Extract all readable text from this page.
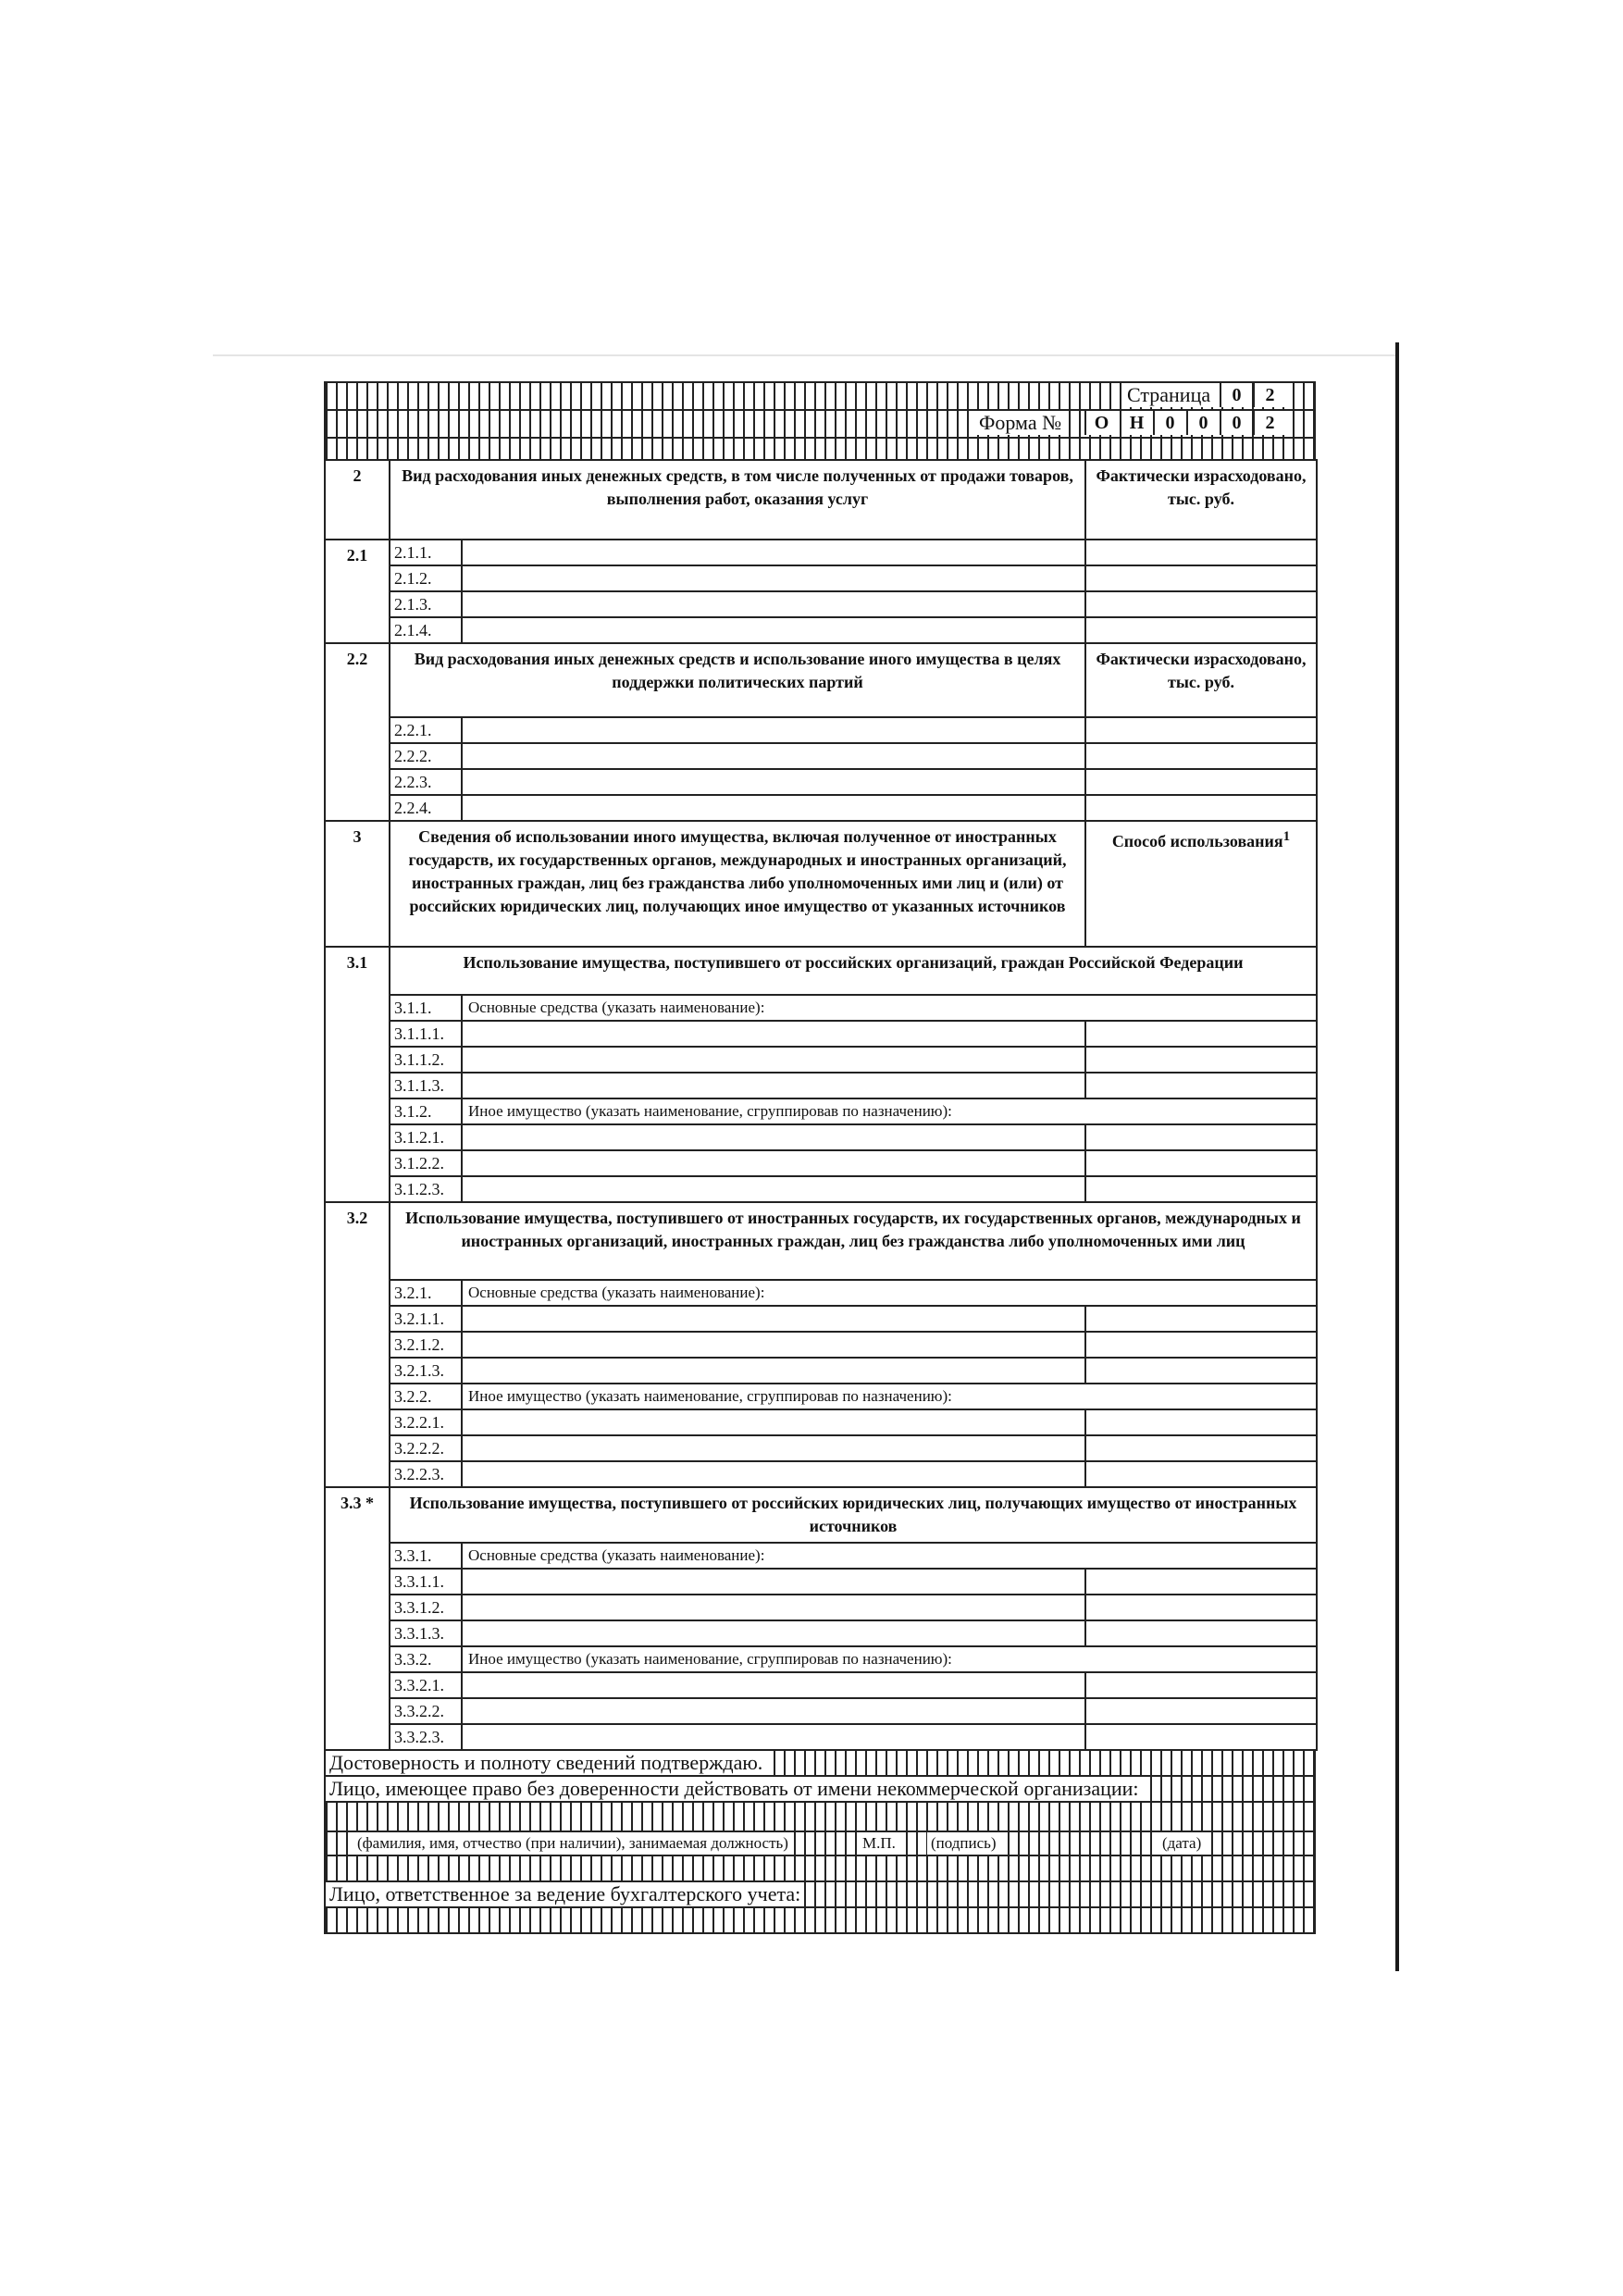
Страница	0	2
Форма №	О	Н	0	0	0	2
2	Вид расходования иных денежных средств, в том числе полученных от продажи товаров, выполнения работ, оказания услуг	Фактически израсходовано, тыс. руб.
2.1	2.1.1.	
	2.1.2.	
	2.1.3.	
	2.1.4.	
2.2	Вид расходования иных денежных средств и использование иного имущества в целях поддержки политических партий	Фактически израсходовано, тыс. руб.
	2.2.1.	
	2.2.2.	
	2.2.3.	
	2.2.4.	
3	Сведения об использовании иного имущества, включая полученное от иностранных государств, их государственных органов, международных и иностранных организаций, иностранных граждан, лиц без гражданства либо уполномоченных ими лиц и (или) от российских юридических лиц, получающих иное имущество от указанных источников	Способ использования$^1$
3.1	Использование имущества, поступившего от российских организаций, граждан Российской Федерации	

	3.1.1. Основные средства (указать наименование):	

	3.1.1.1.	
	3.1.1.2.	
	3.1.1.3.	

	3.1.2. Иное имущество (указать наименование, сгруппировав по назначению):	

	3.1.2.1.	
	3.1.2.2.	
	3.1.2.3.	
3.2	Использование имущества, поступившего от иностранных государств, их государственных органов, международных и иностранных организаций, иностранных граждан, лиц без гражданства либо уполномоченных ими лиц	

	3.2.1. Основные средства (указать наименование):	

	3.2.1.1.	
	3.2.1.2.	
	3.2.1.3.	

	3.2.2. Иное имущество (указать наименование, сгруппировав по назначению):	

	3.2.2.1.	
	3.2.2.2.	
	3.2.2.3.	
3.3 *	Использование имущества, поступившего от российских юридических лиц, получающих имущество от иностранных источников	

	3.3.1. Основные средства (указать наименование):	

	3.3.1.1.	
	3.3.1.2.	
	3.3.1.3.	

	3.3.2. Иное имущество (указать наименование, сгруппировав по назначению):	

	3.3.2.1.	
	3.3.2.2.	
	3.3.2.3.	
Достоверность и полноту сведений подтверждаю.
Лицо, имеющее право без доверенности действовать от имени некоммерческой организации:
(фамилия, имя, отчество (при наличии), занимаемая должность)	М.П. (подпись)	(дата)
Лицо, ответственное за ведение бухгалтерского учета:
